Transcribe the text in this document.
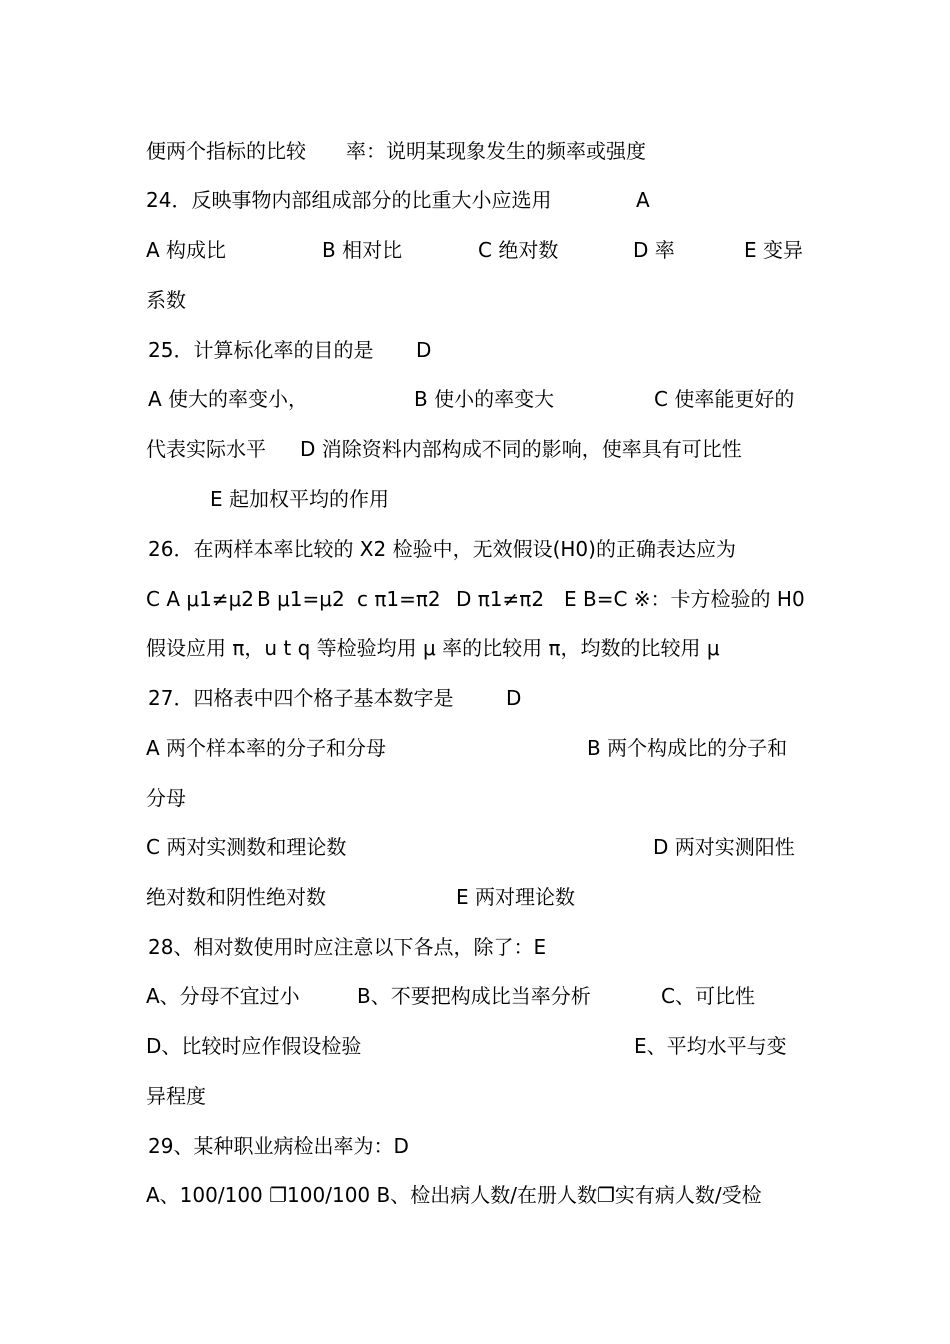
便两个指标的比较 率：说明某现象发生的频率或强度
24．反映事物内部组成部分的比重大小应选用	A
A 构成比	B 相对比	C 绝对数	D 率	E 变异
系数
25．计算标化率的目的是 D
A 使大的率变小，	B 使小的率变大	C 使率能更好的
代表实际水平 D 消除资料内部构成不同的影响，使率具有可比性
E 起加权平均的作用
26．在两样本率比较的 X2 检验中，无效假设(H0)的正确表达应为
C A μ1≠μ2 B μ1=μ2 c π1=π2 D π1≠π2 E B=C ※：卡方检验的 H0
假设应用 π，u t q 等检验均用 μ 率的比较用 π，均数的比较用 μ
27．四格表中四个格子基本数字是	D
A 两个样本率的分子和分母	B 两个构成比的分子和
分母
C 两对实测数和理论数	D 两对实测阳性
绝对数和阴性绝对数	E 两对理论数
28、相对数使用时应注意以下各点，除了：E
A、分母不宜过小	B、不要把构成比当率分析	C、可比性
D、比较时应作假设检验	E、平均水平与变
异程度
29、某种职业病检出率为：D
A、100/100 ❐100/100 B、检出病人数/在册人数❐实有病人数/受检
